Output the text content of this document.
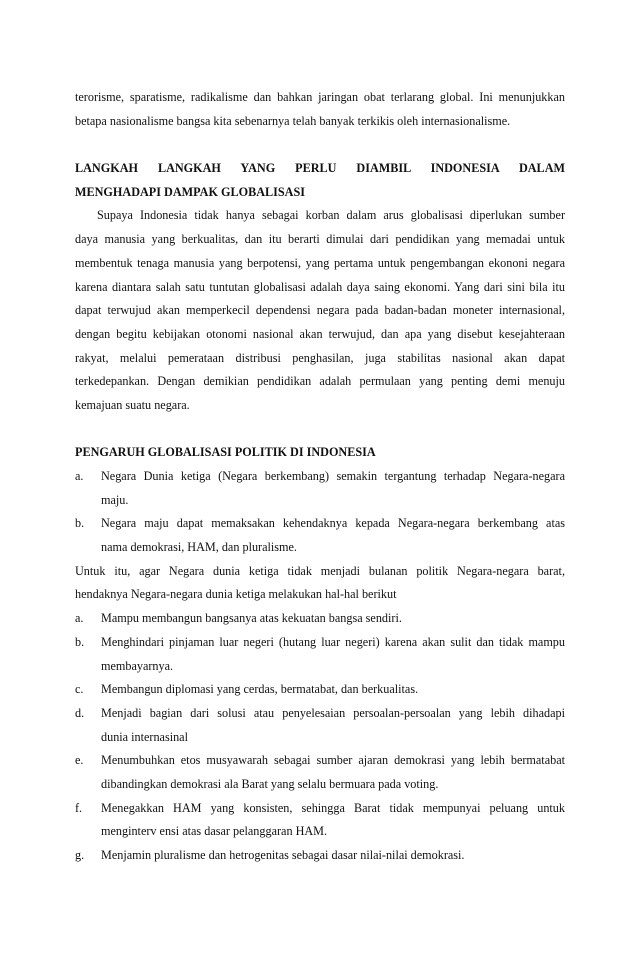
terorisme, sparatisme, radikalisme dan bahkan jaringan obat terlarang global. Ini menunjukkan
betapa nasionalisme bangsa kita sebenarnya telah banyak terkikis oleh internasionalisme.
LANGKAH LANGKAH YANG PERLU DIAMBIL INDONESIA DALAM
MENGHADAPI DAMPAK GLOBALISASI
Supaya Indonesia tidak hanya sebagai korban dalam arus globalisasi diperlukan sumber
daya manusia yang berkualitas, dan itu berarti dimulai dari pendidikan yang memadai untuk
membentuk tenaga manusia yang berpotensi, yang pertama untuk pengembangan ekononi negara
karena diantara salah satu tuntutan globalisasi adalah daya saing ekonomi. Yang dari sini bila itu
dapat terwujud akan memperkecil dependensi negara pada badan-badan moneter internasional,
dengan begitu kebijakan otonomi nasional akan terwujud, dan apa yang disebut kesejahteraan
rakyat, melalui pemerataan distribusi penghasilan, juga stabilitas nasional akan dapat
terkedepankan. Dengan demikian pendidikan adalah permulaan yang penting demi menuju
kemajuan suatu negara.
PENGARUH GLOBALISASI POLITIK DI INDONESIA
a.	Negara Dunia ketiga (Negara berkembang) semakin tergantung terhadap Negara-negara
maju.
b.	Negara maju dapat memaksakan kehendaknya kepada Negara-negara berkembang atas
nama demokrasi, HAM, dan pluralisme.
Untuk itu, agar Negara dunia ketiga tidak menjadi bulanan politik Negara-negara barat,
hendaknya Negara-negara dunia ketiga melakukan hal-hal berikut
a.	Mampu membangun bangsanya atas kekuatan bangsa sendiri.
b.	Menghindari pinjaman luar negeri (hutang luar negeri) karena akan sulit dan tidak mampu
membayarnya.
c.	Membangun diplomasi yang cerdas, bermatabat, dan berkualitas.
d.	Menjadi bagian dari solusi atau penyelesaian persoalan-persoalan yang lebih dihadapi
dunia internasinal
e.	Menumbuhkan etos musyawarah sebagai sumber ajaran demokrasi yang lebih bermatabat
dibandingkan demokrasi ala Barat yang selalu bermuara pada voting.
f.	Menegakkan HAM yang konsisten, sehingga Barat tidak mempunyai peluang untuk
menginterv ensi atas dasar pelanggaran HAM.
g.	Menjamin pluralisme dan hetrogenitas sebagai dasar nilai-nilai demokrasi.
